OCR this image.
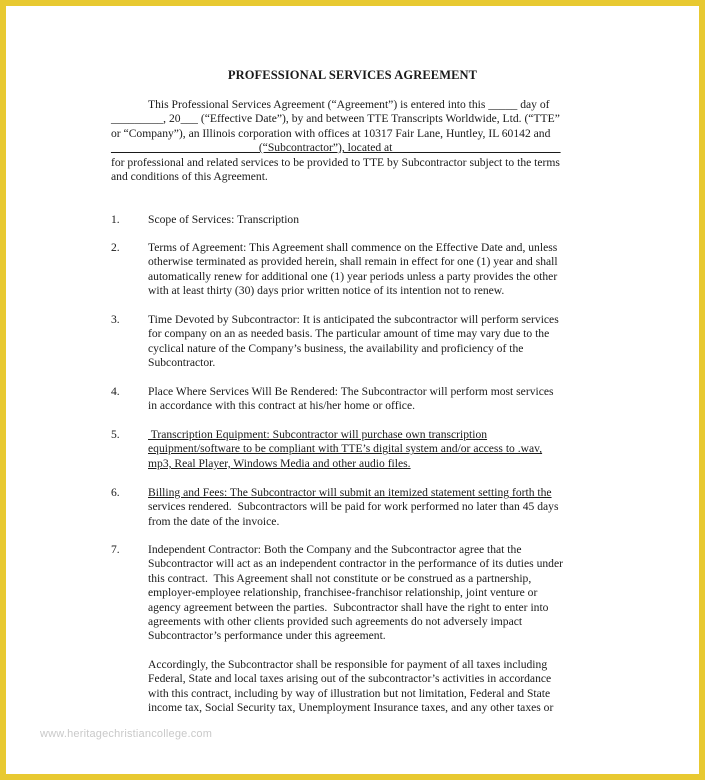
PROFESSIONAL SERVICES AGREEMENT
This Professional Services Agreement (“Agreement”) is entered into this _____ day of
_________, 20___ (“Effective Date”), by and between TTE Transcripts Worldwide, Ltd. (“TTE”
or “Company”), an Illinois corporation with offices at 10317 Fair Lane, Huntley, IL 60142 and
_________________________ (“Subcontractor”), located at_____________________________
for professional and related services to be provided to TTE by Subcontractor subject to the terms
and conditions of this Agreement.
1. Scope of Services: Transcription
2. Terms of Agreement: This Agreement shall commence on the Effective Date and, unless
otherwise terminated as provided herein, shall remain in effect for one (1) year and shall
automatically renew for additional one (1) year periods unless a party provides the other
with at least thirty (30) days prior written notice of its intention not to renew.
3. Time Devoted by Subcontractor: It is anticipated the subcontractor will perform services
for company on an as needed basis. The particular amount of time may vary due to the
cyclical nature of the Company’s business, the availability and proficiency of the
Subcontractor.
4. Place Where Services Will Be Rendered: The Subcontractor will perform most services
in accordance with this contract at his/her home or office.
5. Transcription Equipment: Subcontractor will purchase own transcription
equipment/software to be compliant with TTE’s digital system and/or access to .wav,
mp3, Real Player, Windows Media and other audio files.
6. Billing and Fees: The Subcontractor will submit an itemized statement setting forth the
services rendered.  Subcontractors will be paid for work performed no later than 45 days
from the date of the invoice.
7. Independent Contractor: Both the Company and the Subcontractor agree that the
Subcontractor will act as an independent contractor in the performance of its duties under
this contract.  This Agreement shall not constitute or be construed as a partnership,
employer-employee relationship, franchisee-franchisor relationship, joint venture or
agency agreement between the parties.  Subcontractor shall have the right to enter into
agreements with other clients provided such agreements do not adversely impact
Subcontractor’s performance under this agreement.
Accordingly, the Subcontractor shall be responsible for payment of all taxes including
Federal, State and local taxes arising out of the subcontractor’s activities in accordance
with this contract, including by way of illustration but not limitation, Federal and State
income tax, Social Security tax, Unemployment Insurance taxes, and any other taxes or
www.heritagechristiancollege.com
